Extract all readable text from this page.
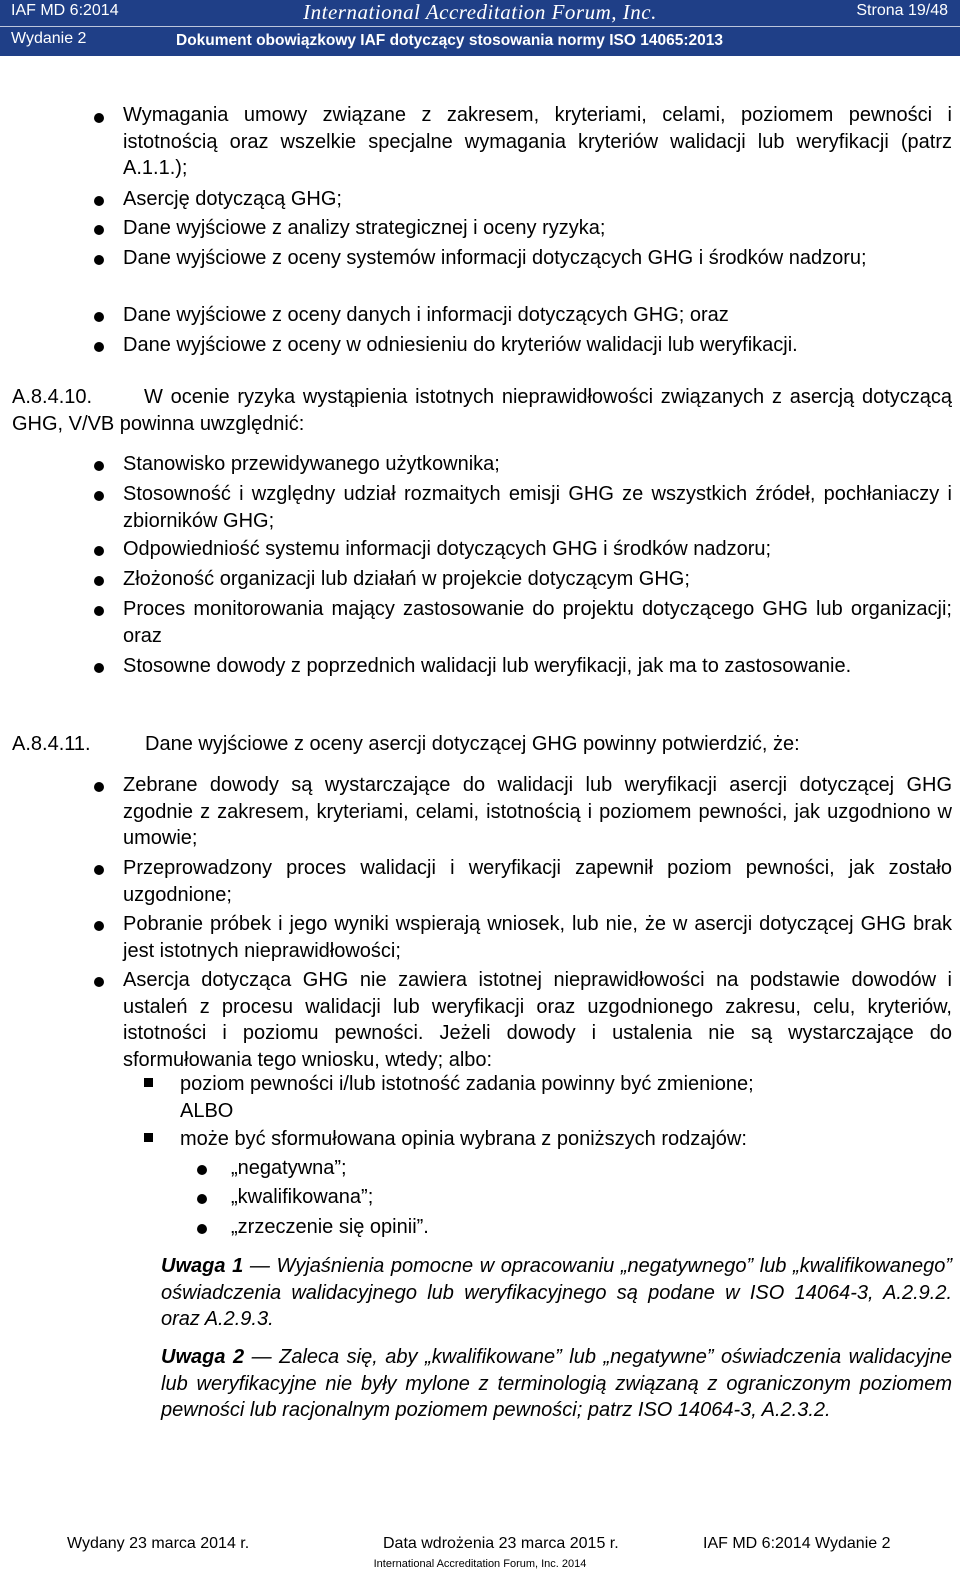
IAF MD 6:2014	International Accreditation Forum, Inc.	Strona 19/48
Wydanie 2	Dokument obowiązkowy IAF dotyczący stosowania normy ISO 14065:2013
Wymagania umowy związane z zakresem, kryteriami, celami, poziomem pewności i istotnością oraz wszelkie specjalne wymagania kryteriów walidacji lub weryfikacji (patrz A.1.1.);
Asercję dotyczącą GHG;
Dane wyjściowe z analizy strategicznej i oceny ryzyka;
Dane wyjściowe z oceny systemów informacji dotyczących GHG i środków nadzoru;
Dane wyjściowe z oceny danych i informacji dotyczących GHG; oraz
Dane wyjściowe z oceny w odniesieniu do kryteriów walidacji lub weryfikacji.
A.8.4.10.	W ocenie ryzyka wystąpienia istotnych nieprawidłowości związanych z asercją dotyczącą GHG, V/VB powinna uwzględnić:
Stanowisko przewidywanego użytkownika;
Stosowność i względny udział rozmaitych emisji GHG ze wszystkich źródeł, pochłaniaczy i zbiorników GHG;
Odpowiedniość systemu informacji dotyczących GHG i środków nadzoru;
Złożoność organizacji lub działań w projekcie dotyczącym GHG;
Proces monitorowania mający zastosowanie do projektu dotyczącego GHG lub organizacji; oraz
Stosowne dowody z poprzednich walidacji lub weryfikacji, jak ma to zastosowanie.
A.8.4.11.	Dane wyjściowe z oceny asercji dotyczącej GHG powinny potwierdzić, że:
Zebrane dowody są wystarczające do walidacji lub weryfikacji asercji dotyczącej GHG zgodnie z zakresem, kryteriami, celami, istotnością i poziomem pewności, jak uzgodniono w umowie;
Przeprowadzony proces walidacji i weryfikacji zapewnił poziom pewności, jak zostało uzgodnione;
Pobranie próbek i jego wyniki wspierają wniosek, lub nie, że w asercji dotyczącej GHG brak jest istotnych nieprawidłowości;
Asercja dotycząca GHG nie zawiera istotnej nieprawidłowości na podstawie dowodów i ustaleń z procesu walidacji lub weryfikacji oraz uzgodnionego zakresu, celu, kryteriów, istotności i poziomu pewności. Jeżeli dowody i ustalenia nie są wystarczające do sformułowania tego wniosku, wtedy; albo:
poziom pewności i/lub istotność zadania powinny być zmienione;
ALBO
może być sformułowana opinia wybrana z poniższych rodzajów:
„negatywna”;
„kwalifikowana”;
„zrzeczenie się opinii”.
Uwaga 1 — Wyjaśnienia pomocne w opracowaniu „negatywnego” lub „kwalifikowanego” oświadczenia walidacyjnego lub weryfikacyjnego są podane w ISO 14064-3, A.2.9.2. oraz A.2.9.3.
Uwaga 2 — Zaleca się, aby „kwalifikowane” lub „negatywne” oświadczenia walidacyjne lub weryfikacyjne nie były mylone z terminologią związaną z ograniczonym poziomem pewności lub racjonalnym poziomem pewności; patrz ISO 14064-3, A.2.3.2.
Wydany 23 marca 2014 r.	Data wdrożenia 23 marca 2015 r.	IAF MD 6:2014 Wydanie 2
International Accreditation Forum, Inc. 2014
